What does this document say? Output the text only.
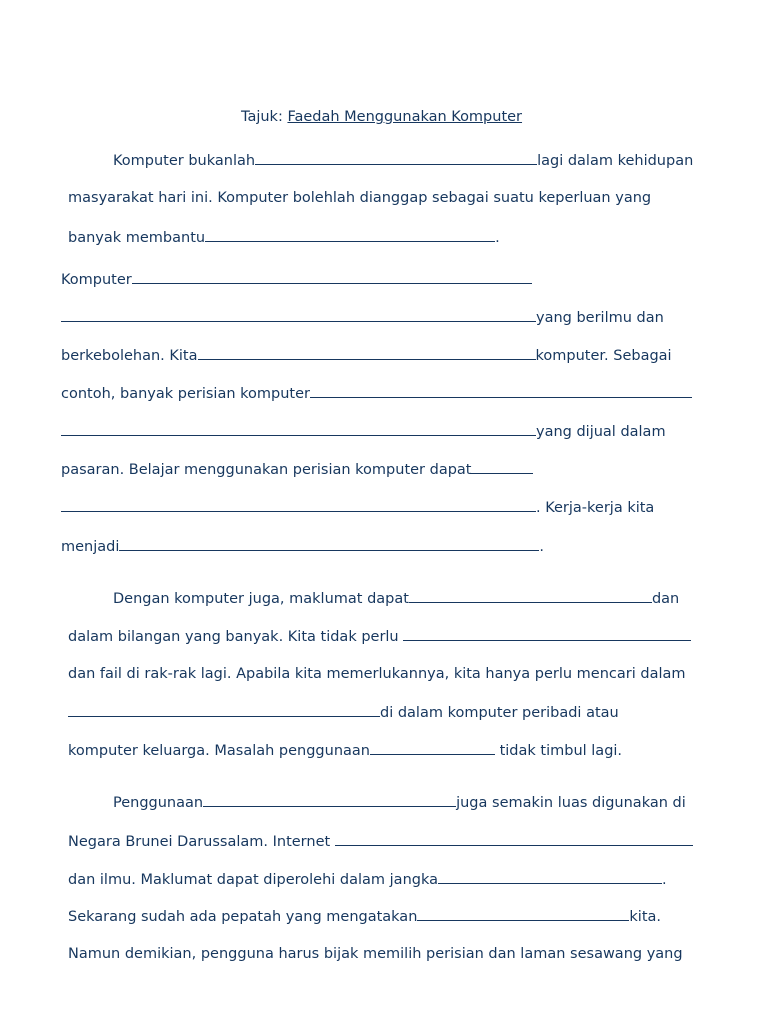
Tajuk: Faedah Menggunakan Komputer
Komputer bukanlah	lagi dalam kehidupan
masyarakat hari ini. Komputer bolehlah dianggap sebagai suatu keperluan yang
banyak membantu	.
Komputer
yang berilmu dan
berkebolehan. Kita	komputer. Sebagai
contoh, banyak perisian komputer
yang dijual dalam
pasaran. Belajar menggunakan perisian komputer dapat
. Kerja-kerja kita
menjadi	.
Dengan komputer juga, maklumat dapat	dan
dalam bilangan yang banyak. Kita tidak perlu
dan fail di rak-rak lagi. Apabila kita memerlukannya, kita hanya perlu mencari dalam
di dalam komputer peribadi atau
komputer keluarga. Masalah penggunaan	tidak timbul lagi.
Penggunaan	juga semakin luas digunakan di
Negara Brunei Darussalam. Internet
dan ilmu. Maklumat dapat diperolehi dalam jangka	.
Sekarang sudah ada pepatah yang mengatakan	kita.
Namun demikian, pengguna harus bijak memilih perisian dan laman sesawang yang
